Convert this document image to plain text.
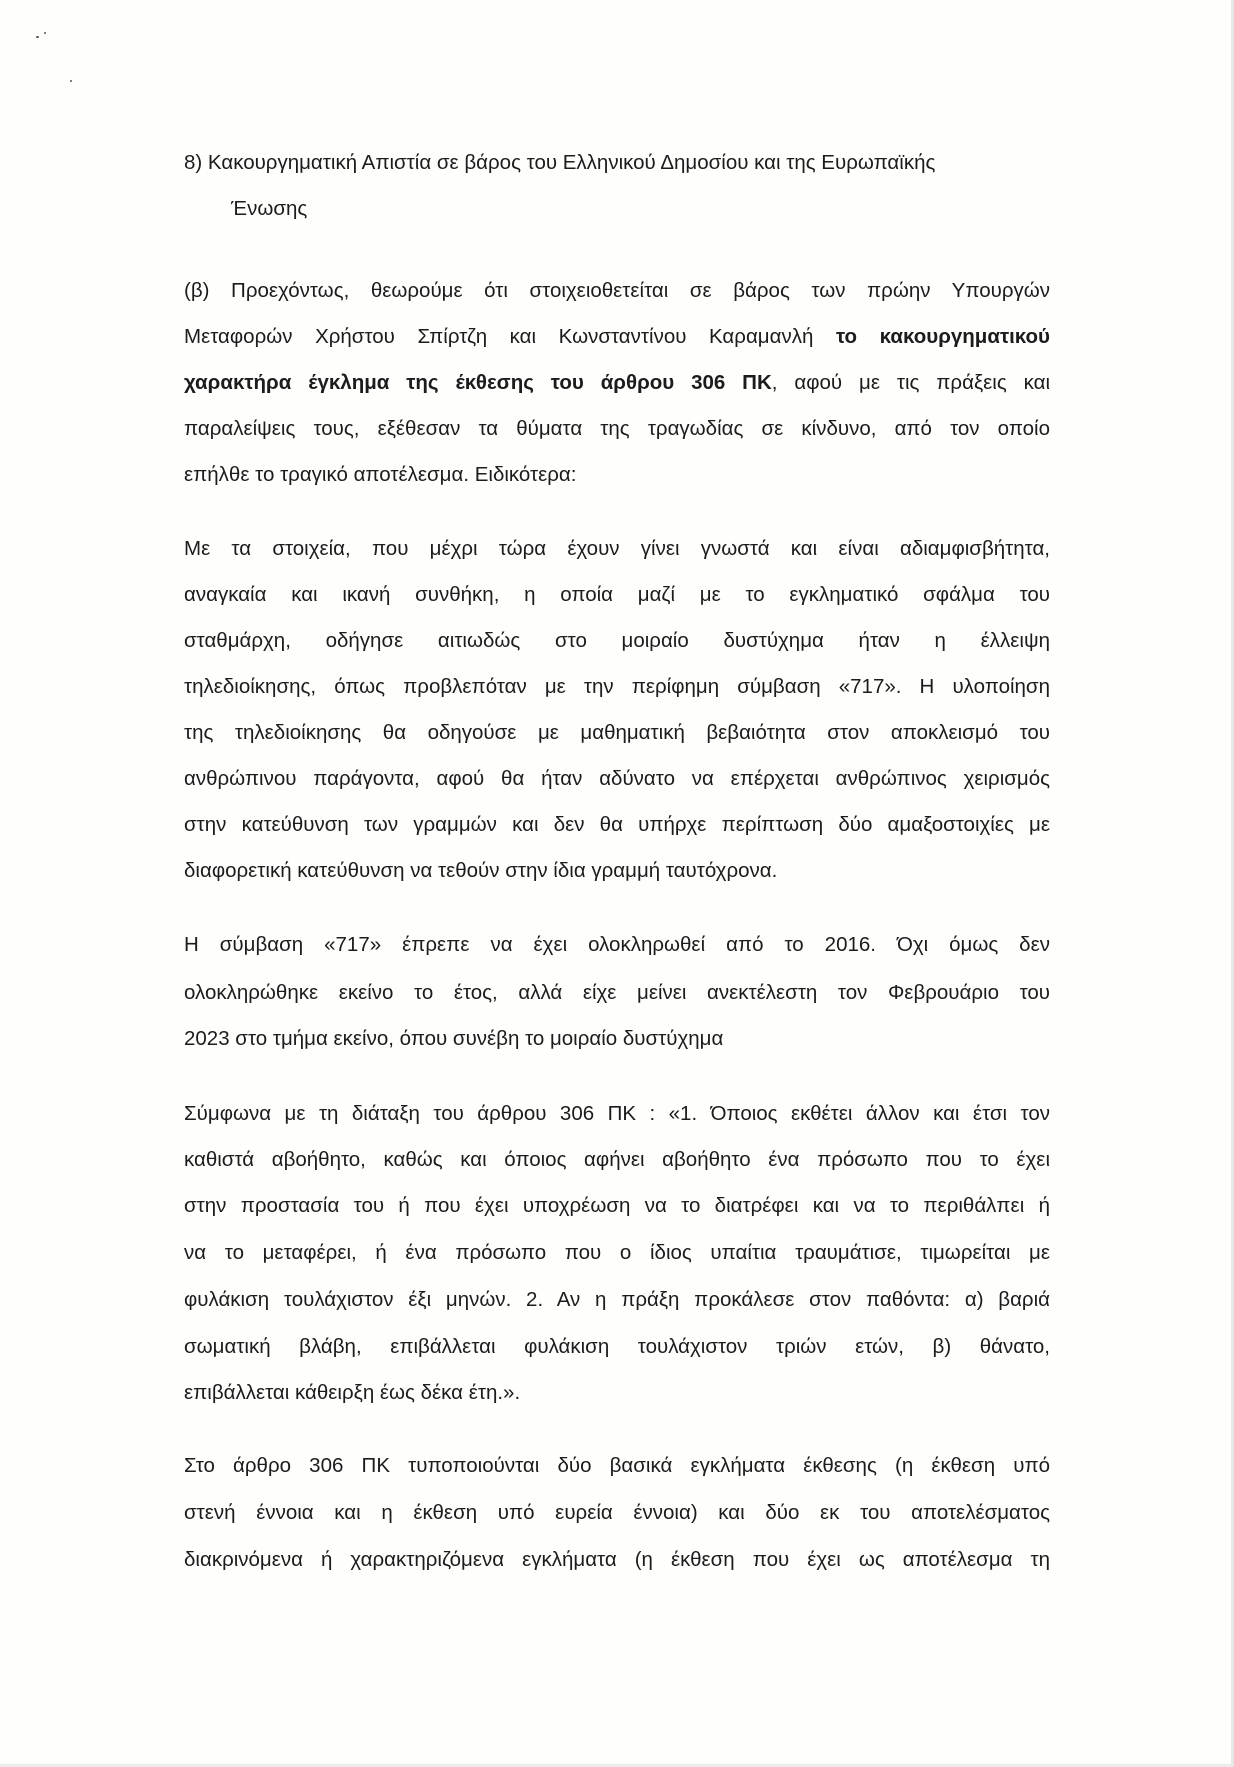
8) Κακουργηματική Απιστία σε βάρος του Ελληνικού Δημοσίου και της Ευρωπαϊκής
Ένωσης
(β) Προεχόντως, θεωρούμε ότι στοιχειοθετείται σε βάρος των πρώην Υπουργών
Μεταφορών Χρήστου Σπίρτζη και Κωνσταντίνου Καραμανλή το κακουργηματικού
χαρακτήρα έγκλημα της έκθεσης του άρθρου 306 ΠΚ, αφού με τις πράξεις και
παραλείψεις τους, εξέθεσαν τα θύματα της τραγωδίας σε κίνδυνο, από τον οποίο
επήλθε το τραγικό αποτέλεσμα. Ειδικότερα:
Με τα στοιχεία, που μέχρι τώρα έχουν γίνει γνωστά και είναι αδιαμφισβήτητα,
αναγκαία και ικανή συνθήκη, η οποία μαζί με το εγκληματικό σφάλμα του
σταθμάρχη, οδήγησε αιτιωδώς στο μοιραίο δυστύχημα ήταν η έλλειψη
τηλεδιοίκησης, όπως προβλεπόταν με την περίφημη σύμβαση «717». Η υλοποίηση
της τηλεδιοίκησης θα οδηγούσε με μαθηματική βεβαιότητα στον αποκλεισμό του
ανθρώπινου παράγοντα, αφού θα ήταν αδύνατο να επέρχεται ανθρώπινος χειρισμός
στην κατεύθυνση των γραμμών και δεν θα υπήρχε περίπτωση δύο αμαξοστοιχίες με
διαφορετική κατεύθυνση να τεθούν στην ίδια γραμμή ταυτόχρονα.
Η σύμβαση «717» έπρεπε να έχει ολοκληρωθεί από το 2016. Όχι όμως δεν
ολοκληρώθηκε εκείνο το έτος, αλλά είχε μείνει ανεκτέλεστη τον Φεβρουάριο του
2023 στο τμήμα εκείνο, όπου συνέβη το μοιραίο δυστύχημα
Σύμφωνα με τη διάταξη του άρθρου 306 ΠΚ : «1. Όποιος εκθέτει άλλον και έτσι τον
καθιστά αβοήθητο, καθώς και όποιος αφήνει αβοήθητο ένα πρόσωπο που το έχει
στην προστασία του ή που έχει υποχρέωση να το διατρέφει και να το περιθάλπει ή
να το μεταφέρει, ή ένα πρόσωπο που ο ίδιος υπαίτια τραυμάτισε, τιμωρείται με
φυλάκιση τουλάχιστον έξι μηνών. 2. Αν η πράξη προκάλεσε στον παθόντα: α) βαριά
σωματική βλάβη, επιβάλλεται φυλάκιση τουλάχιστον τριών ετών, β) θάνατο,
επιβάλλεται κάθειρξη έως δέκα έτη.».
Στο άρθρο 306 ΠΚ τυποποιούνται δύο βασικά εγκλήματα έκθεσης (η έκθεση υπό
στενή έννοια και η έκθεση υπό ευρεία έννοια) και δύο εκ του αποτελέσματος
διακρινόμενα ή χαρακτηριζόμενα εγκλήματα (η έκθεση που έχει ως αποτέλεσμα τη
